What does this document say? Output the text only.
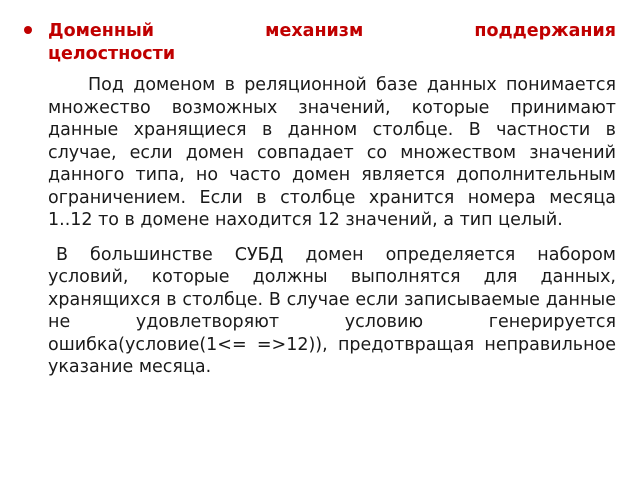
Доменный механизм поддержания
целостности

Под доменом в реляционной базе данных понимается множество возможных значений, которые принимают данные хранящиеся в данном столбце. В частности в случае, если домен совпадает со множеством значений данного типа, но часто домен является дополнительным ограничением. Если в столбце хранится номера месяца 1..12 то в домене находится 12 значений, а тип целый.

В большинстве СУБД домен определяется набором условий, которые должны выполнятся для данных, хранящихся в столбце. В случае если записываемые данные не удовлетворяют условию генерируется ошибка(условие(1<= =>12)), предотвращая неправильное указание месяца.
